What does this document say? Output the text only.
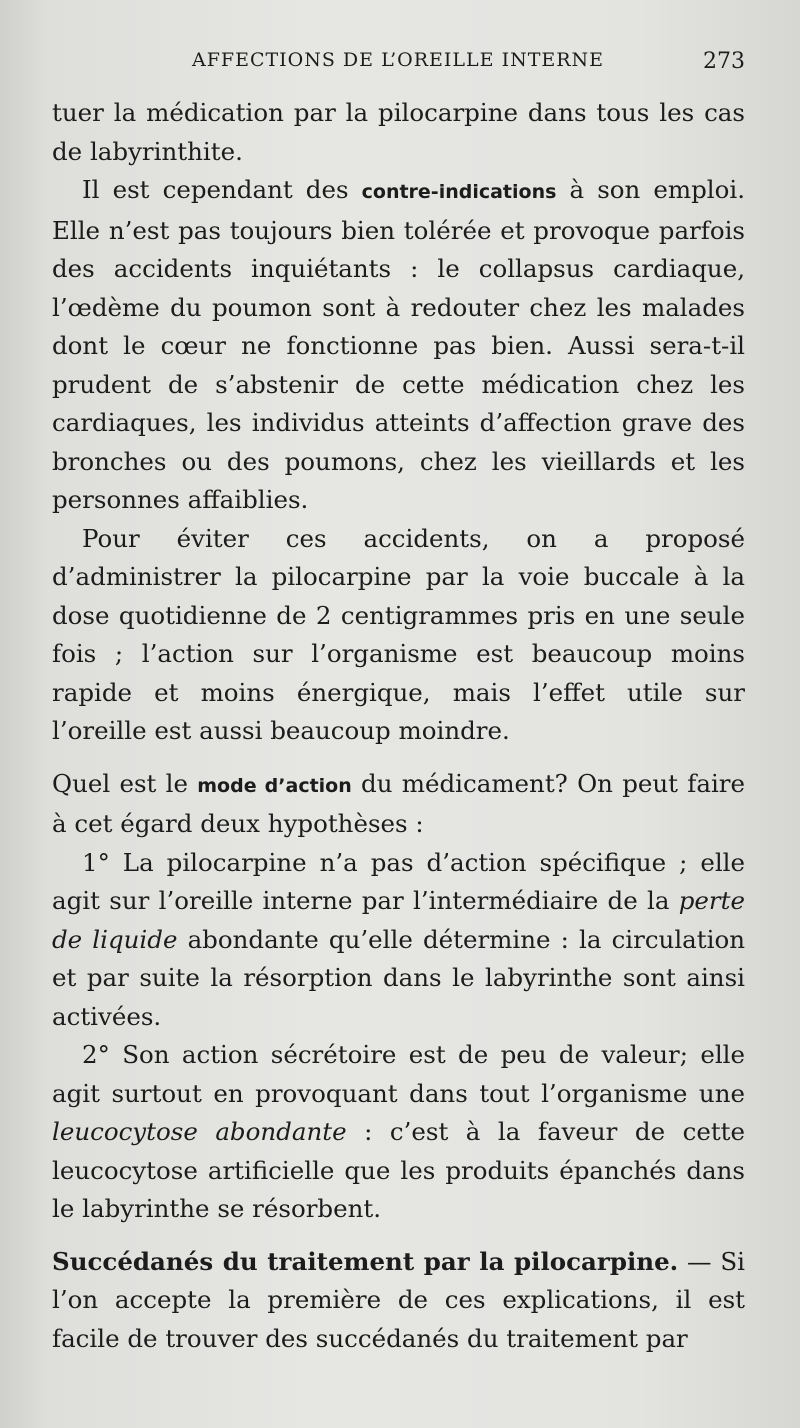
AFFECTIONS DE L’OREILLE INTERNE	273

tuer la médication par la pilocarpine dans tous les cas de labyrinthite.

Il est cependant des contre-indications à son emploi. Elle n’est pas toujours bien tolérée et provoque parfois des accidents inquiétants : le collapsus cardiaque, l’œdème du poumon sont à redouter chez les malades dont le cœur ne fonctionne pas bien. Aussi sera-t-il prudent de s’abstenir de cette médication chez les cardiaques, les individus atteints d’affection grave des bronches ou des poumons, chez les vieillards et les personnes affaiblies.

Pour éviter ces accidents, on a proposé d’administrer la pilocarpine par la voie buccale à la dose quotidienne de 2 centigrammes pris en une seule fois ; l’action sur l’organisme est beaucoup moins rapide et moins énergique, mais l’effet utile sur l’oreille est aussi beaucoup moindre.

Quel est le mode d’action du médicament? On peut faire à cet égard deux hypothèses :

1° La pilocarpine n’a pas d’action spécifique ; elle agit sur l’oreille interne par l’intermédiaire de la perte de liquide abondante qu’elle détermine : la circulation et par suite la résorption dans le labyrinthe sont ainsi activées.

2° Son action sécrétoire est de peu de valeur; elle agit surtout en provoquant dans tout l’organisme une leucocytose abondante : c’est à la faveur de cette leucocytose artificielle que les produits épanchés dans le labyrinthe se résorbent.

Succédanés du traitement par la pilocarpine. — Si l’on accepte la première de ces explications, il est facile de trouver des succédanés du traitement par
